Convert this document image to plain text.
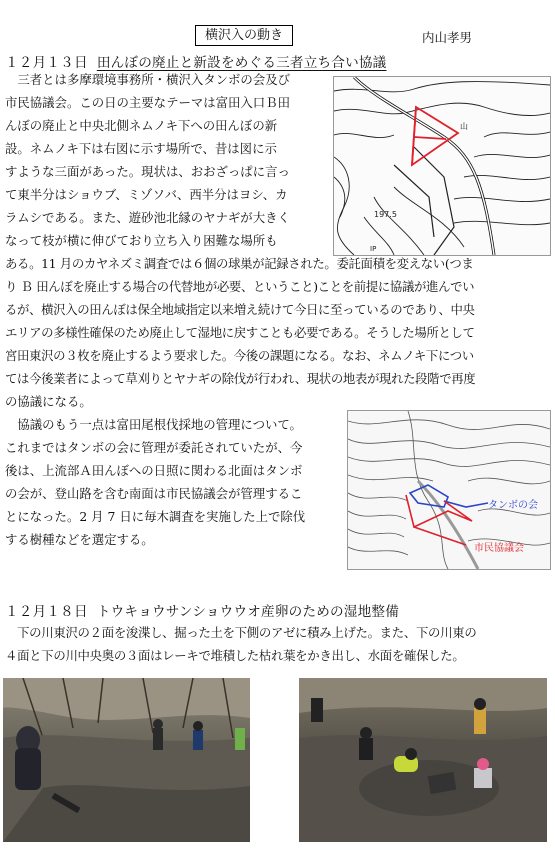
横沢入の動き	内山孝男
１２月１３日 田んぼの廃止と新設をめぐる三者立ち合い協議
　三者とは多摩環境事務所・横沢入タンボの会及び
市民協議会。この日の主要なテーマは富田入口Ｂ田
んぼの廃止と中央北側ネムノキ下への田んぼの新
設。ネムノキ下は右図に示す場所で、昔は図に示
すような三面があった。現状は、おおざっぱに言っ
て東半分はショウブ、ミゾソバ、西半分はヨシ、カ
ラムシである。また、遊砂池北縁のヤナギが大きく
なって枝が横に伸びており立ち入り困難な場所も
ある。11 月のカヤネズミ調査では６個の球巣が記録された。委託面積を変えない(つま
り Ｂ 田んぼを廃止する場合の代替地が必要、ということ)ことを前提に協議が進んでい
るが、横沢入の田んぼは保全地域指定以来増え続けて今日に至っているのであり、中央
エリアの多様性確保のため廃止して湿地に戻すことも必要である。そうした場所として
宮田東沢の３枚を廃止するよう要求した。今後の課題になる。なお、ネムノキ下につい
ては今後業者によって草刈りとヤナギの除伐が行われ、現状の地表が現れた段階で再度
の協議になる。
　協議のもう一点は富田尾根伐採地の管理について。
これまではタンボの会に管理が委託されていたが、今
後は、上流部Ａ田んぼへの日照に関わる北面はタンボ
の会が、登山路を含む南面は市民協議会が管理するこ
とになった。2 月 7 日に毎木調査を実施した上で除伐
する樹種などを選定する。
197.5
山
IP
タンボの会
市民協議会
１２月１８日 トウキョウサンショウウオ産卵のための湿地整備
　下の川東沢の２面を浚渫し、掘った土を下側のアゼに積み上げた。また、下の川東の
４面と下の川中央奥の３面はレーキで堆積した枯れ葉をかき出し、水面を確保した。
